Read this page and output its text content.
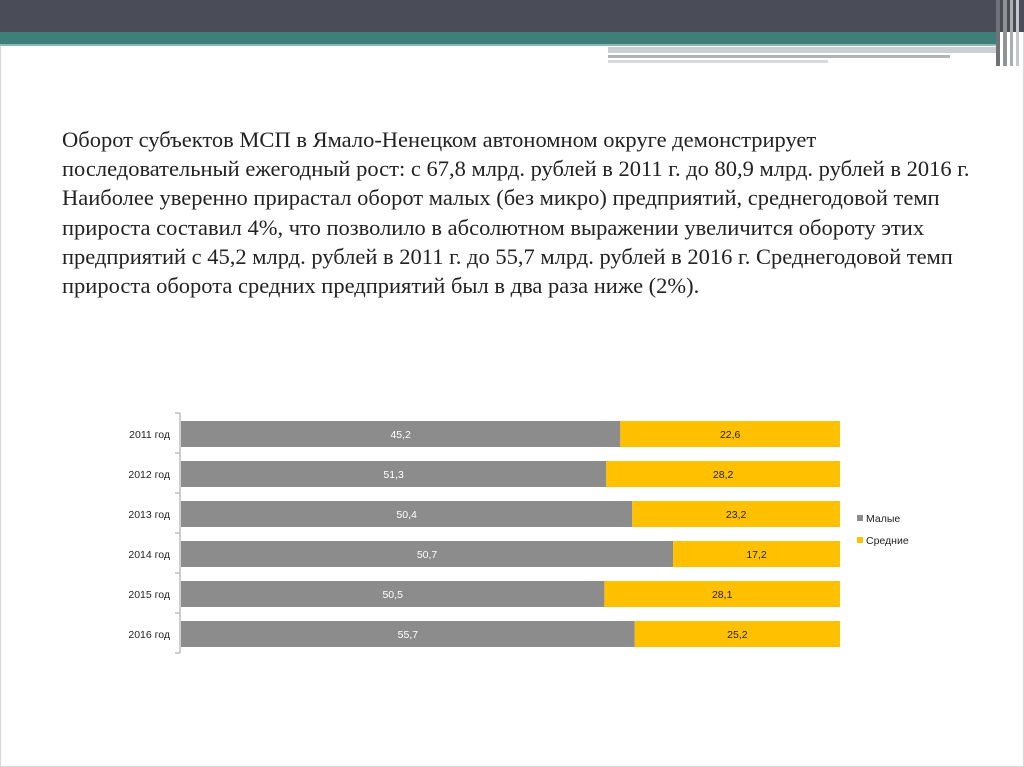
Оборот субъектов МСП в Ямало-Ненецком автономном округе демонстрирует последовательный ежегодный рост: с 67,8 млрд. рублей в 2011 г. до 80,9 млрд. рублей в 2016 г. Наиболее уверенно прирастал оборот малых (без микро) предприятий, среднегодовой темп прироста составил 4%, что позволило в абсолютном выражении увеличится обороту этих предприятий с 45,2 млрд. рублей в 2011 г. до 55,7 млрд. рублей в 2016 г. Среднегодовой темп прироста оборота средних предприятий был в два раза ниже (2%).
2011 год	45,2	22,6
2012 год	51,3	28,2
2013 год	50,4	23,2
2014 год	50,7	17,2
2015 год	50,5	28,1
2016 год	55,7	25,2
Малые
Средние
